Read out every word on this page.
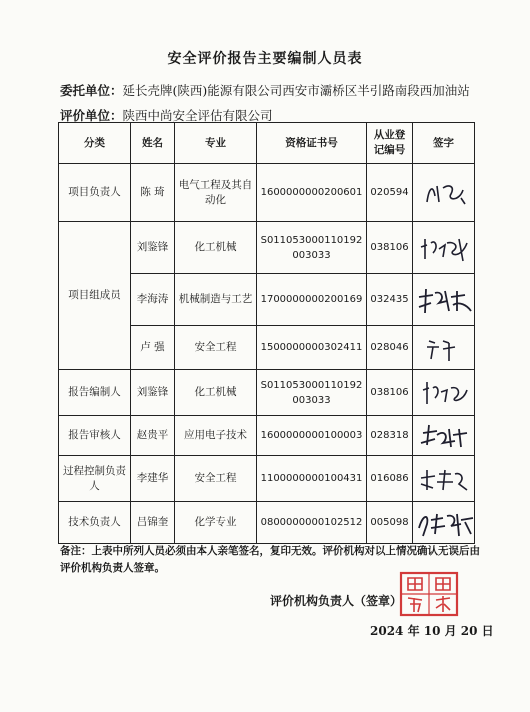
安全评价报告主要编制人员表
委托单位：延长壳牌(陕西)能源有限公司西安市灞桥区半引路南段西加油站
评价单位：陕西中尚安全评估有限公司
分类	姓名	专业	资格证书号	从业登记编号	签字
项目负责人	陈 琦	电气工程及其自动化	1600000000200601	020594	

项目组成员	刘鉴锋	化工机械	S011053000110192003033	038106	

	李海涛	机械制造与工艺	1700000000200169	032435	

	卢 强	安全工程	1500000000302411	028046	

报告编制人	刘鉴锋	化工机械	S011053000110192003033	038106	

报告审核人	赵贵平	应用电子技术	1600000000100003	028318	

过程控制负责人	李建华	安全工程	1100000000100431	016086	

技术负责人	吕锦奎	化学专业	0800000000102512	005098	
备注：上表中所列人员必须由本人亲笔签名，复印无效。评价机构对以上情况确认无误后由评价机构负责人签章。
评价机构负责人（签章）
2024 年 10 月 20 日
